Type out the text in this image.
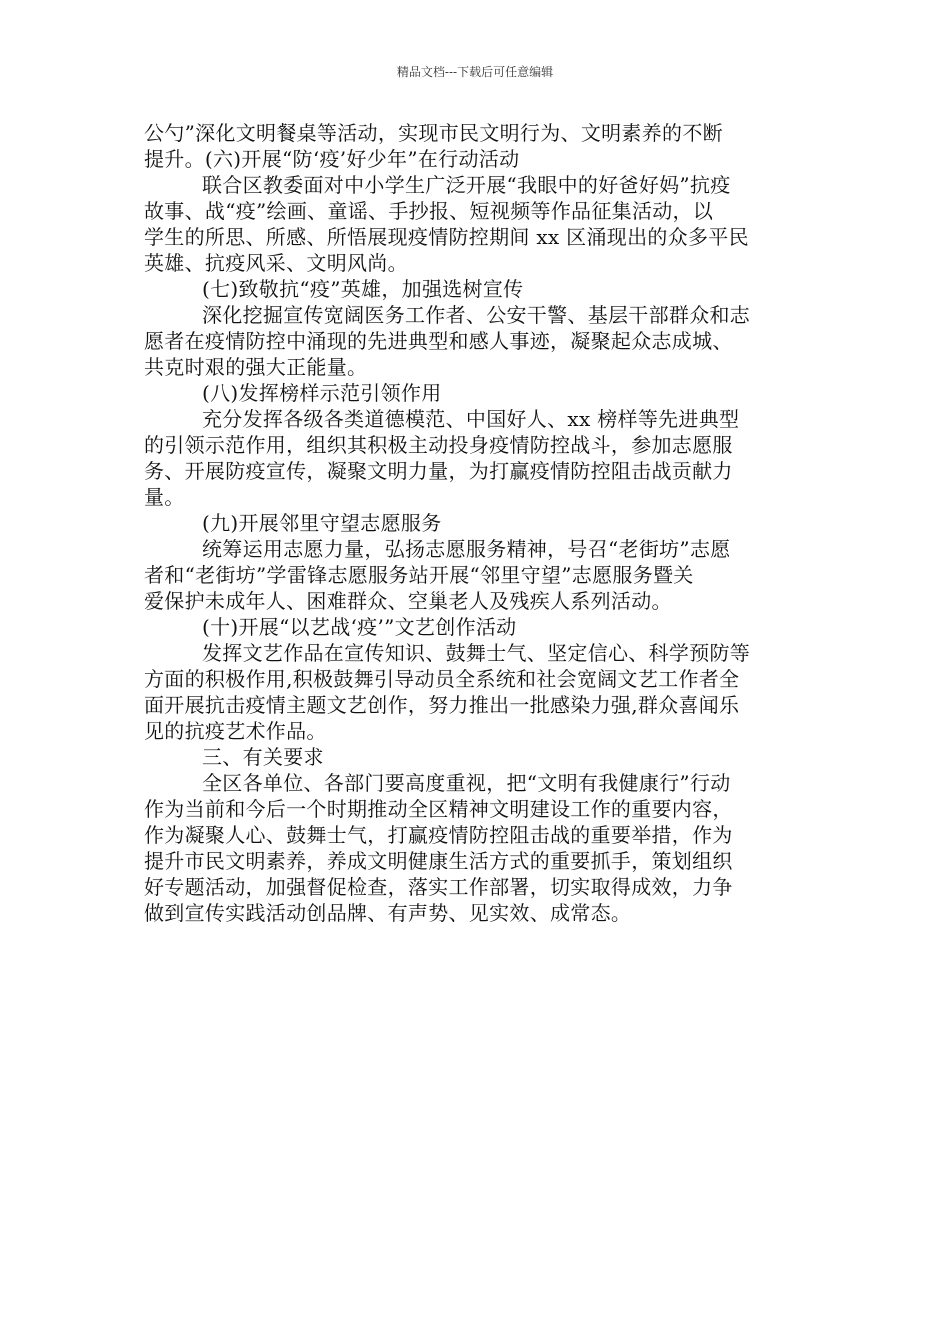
精品文档---下载后可任意编辑
公勺”深化文明餐桌等活动，实现市民文明行为、文明素养的不断
提升。(六)开展“防‘疫’好少年”在行动活动
联合区教委面对中小学生广泛开展“我眼中的好爸好妈”抗疫
故事、战“疫”绘画、童谣、手抄报、短视频等作品征集活动，以
学生的所思、所感、所悟展现疫情防控期间 xx 区涌现出的众多平民
英雄、抗疫风采、文明风尚。
(七)致敬抗“疫”英雄，加强选树宣传
深化挖掘宣传宽阔医务工作者、公安干警、基层干部群众和志
愿者在疫情防控中涌现的先进典型和感人事迹，凝聚起众志成城、
共克时艰的强大正能量。
(八)发挥榜样示范引领作用
充分发挥各级各类道德模范、中国好人、xx 榜样等先进典型
的引领示范作用，组织其积极主动投身疫情防控战斗，参加志愿服
务、开展防疫宣传，凝聚文明力量，为打赢疫情防控阻击战贡献力
量。
(九)开展邻里守望志愿服务
统筹运用志愿力量，弘扬志愿服务精神，号召“老街坊”志愿
者和“老街坊”学雷锋志愿服务站开展“邻里守望”志愿服务暨关
爱保护未成年人、困难群众、空巢老人及残疾人系列活动。
(十)开展“以艺战‘疫’”文艺创作活动
发挥文艺作品在宣传知识、鼓舞士气、坚定信心、科学预防等
方面的积极作用,积极鼓舞引导动员全系统和社会宽阔文艺工作者全
面开展抗击疫情主题文艺创作，努力推出一批感染力强,群众喜闻乐
见的抗疫艺术作品。
三、有关要求
全区各单位、各部门要高度重视，把“文明有我健康行”行动
作为当前和今后一个时期推动全区精神文明建设工作的重要内容，
作为凝聚人心、鼓舞士气，打赢疫情防控阻击战的重要举措，作为
提升市民文明素养，养成文明健康生活方式的重要抓手，策划组织
好专题活动，加强督促检查，落实工作部署，切实取得成效，力争
做到宣传实践活动创品牌、有声势、见实效、成常态。
